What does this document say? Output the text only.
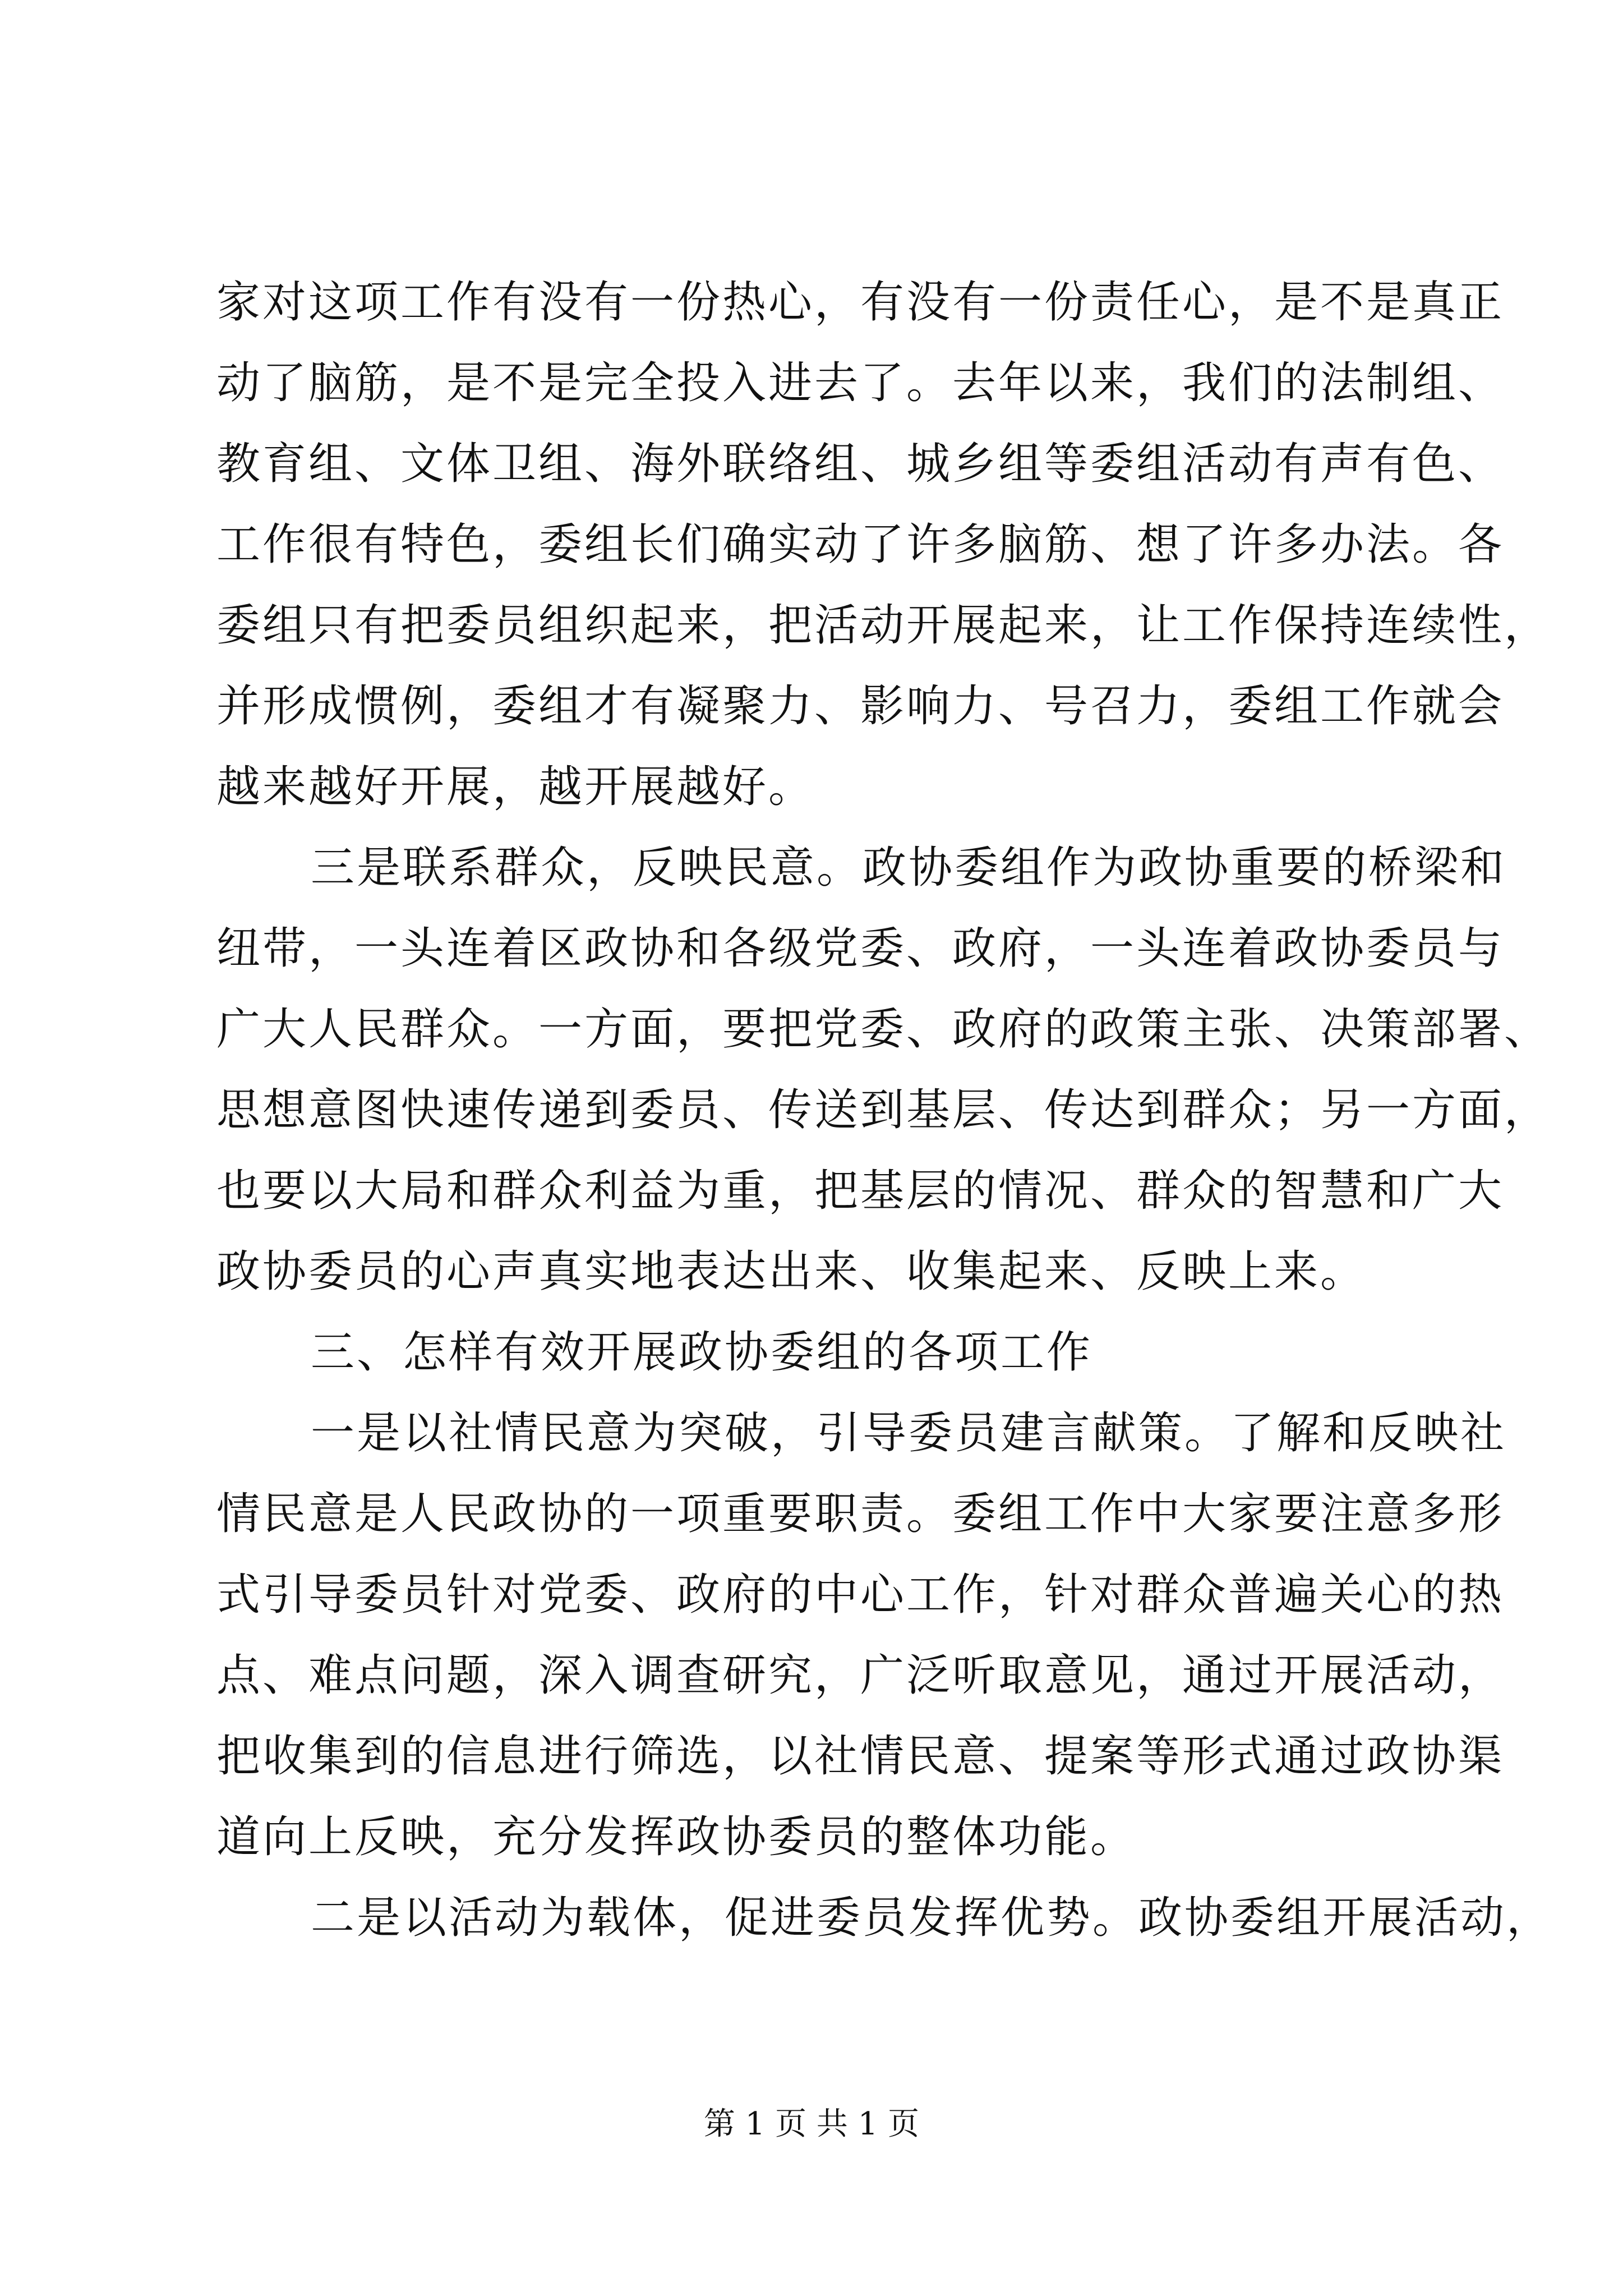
家对这项工作有没有一份热心，有没有一份责任心，是不是真正
动了脑筋，是不是完全投入进去了。去年以来，我们的法制组、
教育组、文体卫组、海外联络组、城乡组等委组活动有声有色、
工作很有特色，委组长们确实动了许多脑筋、想了许多办法。各
委组只有把委员组织起来，把活动开展起来，让工作保持连续性，
并形成惯例，委组才有凝聚力、影响力、号召力，委组工作就会
越来越好开展，越开展越好。
三是联系群众，反映民意。政协委组作为政协重要的桥梁和
纽带，一头连着区政协和各级党委、政府，一头连着政协委员与
广大人民群众。一方面，要把党委、政府的政策主张、决策部署、
思想意图快速传递到委员、传送到基层、传达到群众；另一方面，
也要以大局和群众利益为重，把基层的情况、群众的智慧和广大
政协委员的心声真实地表达出来、收集起来、反映上来。
三、怎样有效开展政协委组的各项工作
一是以社情民意为突破，引导委员建言献策。了解和反映社
情民意是人民政协的一项重要职责。委组工作中大家要注意多形
式引导委员针对党委、政府的中心工作，针对群众普遍关心的热
点、难点问题，深入调查研究，广泛听取意见，通过开展活动，
把收集到的信息进行筛选，以社情民意、提案等形式通过政协渠
道向上反映，充分发挥政协委员的整体功能。
二是以活动为载体，促进委员发挥优势。政协委组开展活动，
第 1 页 共 1 页
